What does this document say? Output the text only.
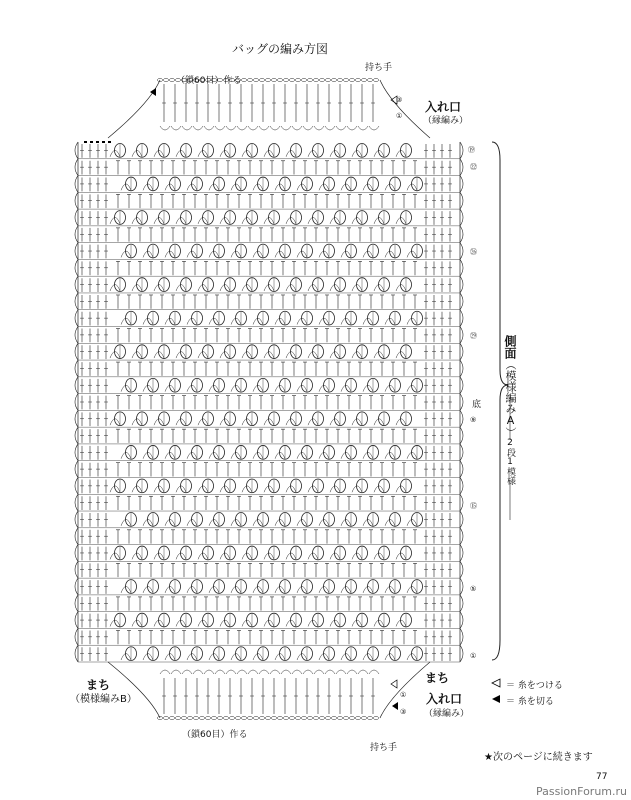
バッグの編み方図
（鎖60目）作る
持ち手
入れ口
（縁編み）
③
①
⑲
㉒
㉖
㉙
底
⑨
⑮
⑤
①
側面（模様編みA）2段1模様
まち
（模様編みB）
まち
入れ口
（縁編み）
①
③
（鎖60目）作る
持ち手
＝ 糸をつける
＝ 糸を切る
★次のページに続きます
77
PassionForum.ru
